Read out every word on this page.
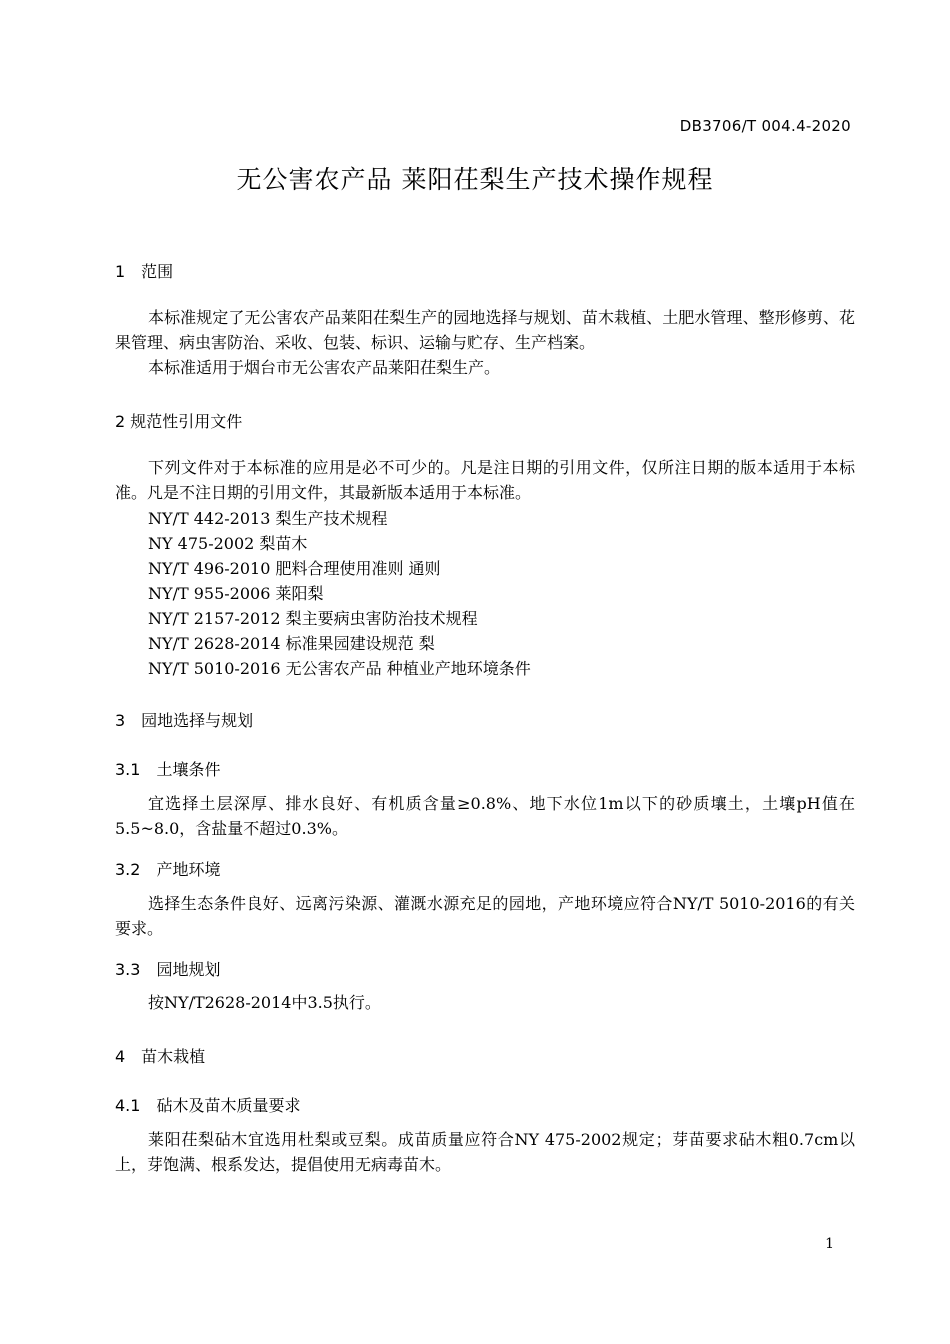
DB3706/T 004.4-2020
无公害农产品 莱阳茌梨生产技术操作规程
1　范围

本标准规定了无公害农产品莱阳茌梨生产的园地选择与规划、苗木栽植、土肥水管理、整形修剪、花果管理、病虫害防治、采收、包装、标识、运输与贮存、生产档案。

本标准适用于烟台市无公害农产品莱阳茌梨生产。

2 规范性引用文件

下列文件对于本标准的应用是必不可少的。凡是注日期的引用文件，仅所注日期的版本适用于本标准。凡是不注日期的引用文件，其最新版本适用于本标准。

NY/T 442-2013 梨生产技术规程
NY 475-2002 梨苗木
NY/T 496-2010 肥料合理使用准则 通则
NY/T 955-2006 莱阳梨
NY/T 2157-2012 梨主要病虫害防治技术规程
NY/T 2628-2014 标准果园建设规范 梨
NY/T 5010-2016 无公害农产品 种植业产地环境条件
3　园地选择与规划
3.1　土壤条件

宜选择土层深厚、排水良好、有机质含量≥0.8%、地下水位1m以下的砂质壤土，土壤pH值在5.5~8.0，含盐量不超过0.3%。

3.2　产地环境

选择生态条件良好、远离污染源、灌溉水源充足的园地，产地环境应符合NY/T 5010-2016的有关要求。

3.3　园地规划

按NY/T2628-2014中3.5执行。

4　苗木栽植
4.1　砧木及苗木质量要求

莱阳茌梨砧木宜选用杜梨或豆梨。成苗质量应符合NY 475-2002规定；芽苗要求砧木粗0.7cm以上，芽饱满、根系发达，提倡使用无病毒苗木。

1
